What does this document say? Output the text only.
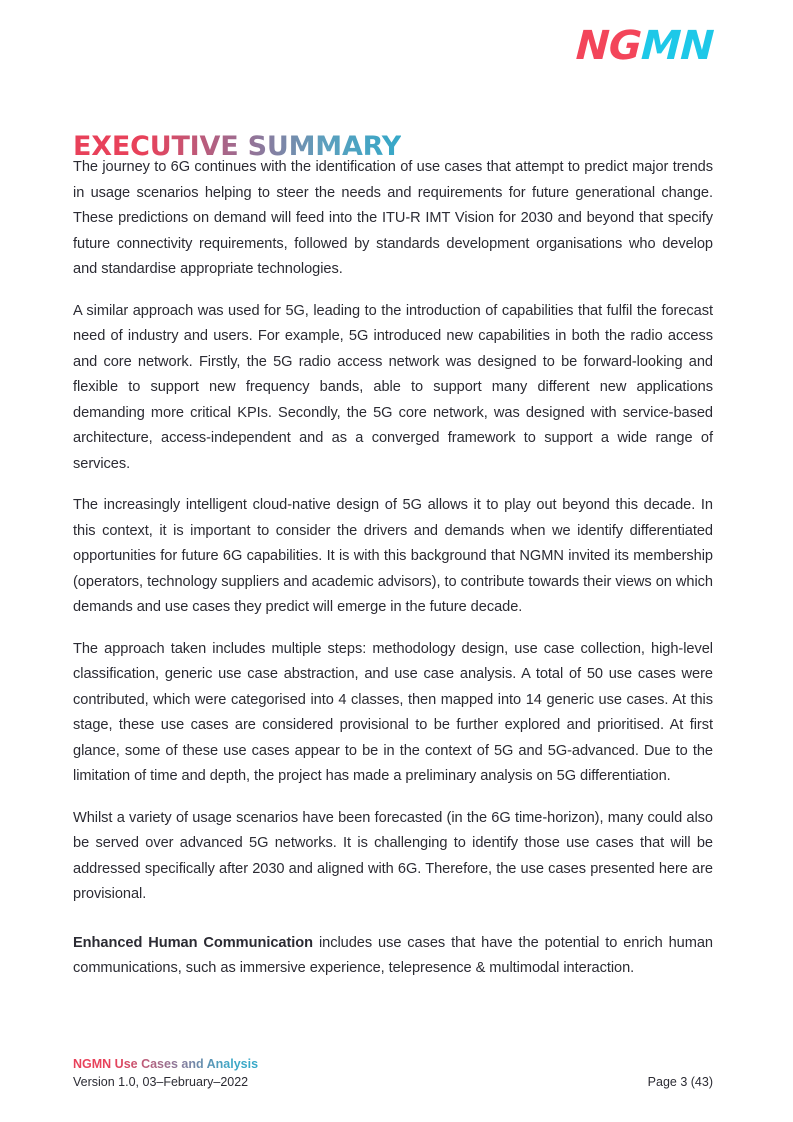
NGMN
EXECUTIVE SUMMARY

The journey to 6G continues with the identification of use cases that attempt to predict major trends in usage scenarios helping to steer the needs and requirements for future generational change. These predictions on demand will feed into the ITU-R IMT Vision for 2030 and beyond that specify future connectivity requirements, followed by standards development organisations who develop and standardise appropriate technologies.

A similar approach was used for 5G, leading to the introduction of capabilities that fulfil the forecast need of industry and users. For example, 5G introduced new capabilities in both the radio access and core network. Firstly, the 5G radio access network was designed to be forward-looking and flexible to support new frequency bands, able to support many different new applications demanding more critical KPIs. Secondly, the 5G core network, was designed with service-based architecture, access-independent and as a converged framework to support a wide range of services.

The increasingly intelligent cloud-native design of 5G allows it to play out beyond this decade. In this context, it is important to consider the drivers and demands when we identify differentiated opportunities for future 6G capabilities. It is with this background that NGMN invited its membership (operators, technology suppliers and academic advisors), to contribute towards their views on which demands and use cases they predict will emerge in the future decade.

The approach taken includes multiple steps: methodology design, use case collection, high-level classification, generic use case abstraction, and use case analysis. A total of 50 use cases were contributed, which were categorised into 4 classes, then mapped into 14 generic use cases. At this stage, these use cases are considered provisional to be further explored and prioritised. At first glance, some of these use cases appear to be in the context of 5G and 5G-advanced. Due to the limitation of time and depth, the project has made a preliminary analysis on 5G differentiation.

Whilst a variety of usage scenarios have been forecasted (in the 6G time-horizon), many could also be served over advanced 5G networks. It is challenging to identify those use cases that will be addressed specifically after 2030 and aligned with 6G. Therefore, the use cases presented here are provisional.

Enhanced Human Communication includes use cases that have the potential to enrich human communications, such as immersive experience, telepresence & multimodal interaction.

NGMN Use Cases and Analysis
Version 1.0, 03–February–2022	Page 3 (43)
